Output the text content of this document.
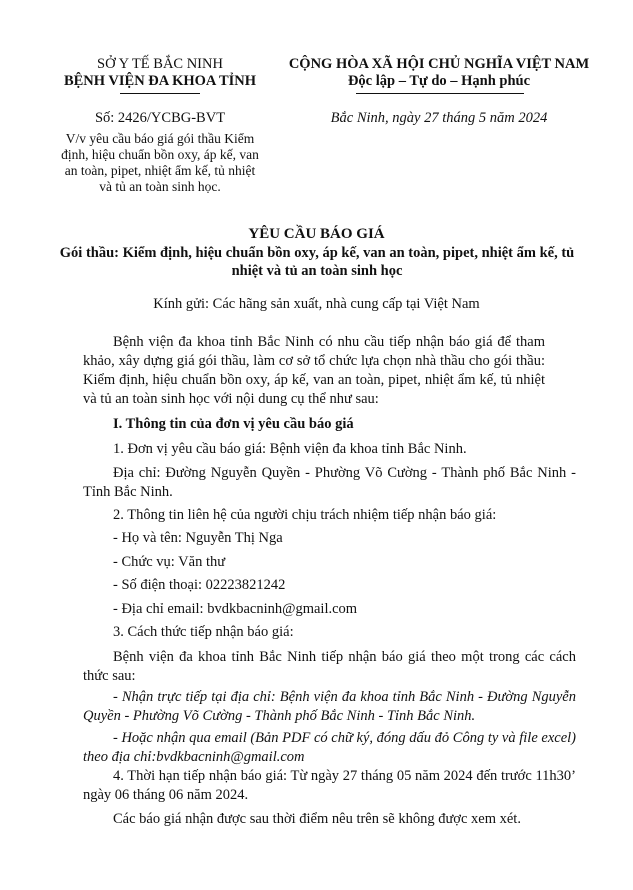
SỞ Y TẾ BẮC NINH

BỆNH VIỆN ĐA KHOA TỈNH

Số: 2426/YCBG-BVT

V/v yêu cầu báo giá gói thầu Kiểm định, hiệu chuẩn bồn oxy, áp kế, van an toàn, pipet, nhiệt ẩm kế, tủ nhiệt và tủ an toàn sinh học.

CỘNG HÒA XÃ HỘI CHỦ NGHĨA VIỆT NAM

Độc lập – Tự do – Hạnh phúc

Bắc Ninh, ngày 27 tháng 5 năm 2024

YÊU CẦU BÁO GIÁ

Gói thầu: Kiểm định, hiệu chuẩn bồn oxy, áp kế, van an toàn, pipet, nhiệt ẩm kế, tủ nhiệt và tủ an toàn sinh học

Kính gửi: Các hãng sản xuất, nhà cung cấp tại Việt Nam

Bệnh viện đa khoa tỉnh Bắc Ninh có nhu cầu tiếp nhận báo giá để tham khảo, xây dựng giá gói thầu, làm cơ sở tổ chức lựa chọn nhà thầu cho gói thầu: Kiểm định, hiệu chuẩn bồn oxy, áp kế, van an toàn, pipet, nhiệt ẩm kế, tủ nhiệt và tủ an toàn sinh học với nội dung cụ thể như sau:

I. Thông tin của đơn vị yêu cầu báo giá

1. Đơn vị yêu cầu báo giá: Bệnh viện đa khoa tỉnh Bắc Ninh.

Địa chỉ: Đường Nguyễn Quyền - Phường Võ Cường - Thành phố Bắc Ninh - Tỉnh Bắc Ninh.

2. Thông tin liên hệ của người chịu trách nhiệm tiếp nhận báo giá:

- Họ và tên: Nguyễn Thị Nga

- Chức vụ: Văn thư

- Số điện thoại: 02223821242

- Địa chỉ email: bvdkbacninh@gmail.com

3. Cách thức tiếp nhận báo giá:

Bệnh viện đa khoa tỉnh Bắc Ninh tiếp nhận báo giá theo một trong các cách thức sau:

- Nhận trực tiếp tại địa chỉ: Bệnh viện đa khoa tỉnh Bắc Ninh - Đường Nguyễn Quyền - Phường Võ Cường - Thành phố Bắc Ninh - Tỉnh Bắc Ninh.

- Hoặc nhận qua email (Bản PDF có chữ ký, đóng dấu đỏ Công ty và file excel) theo địa chỉ:bvdkbacninh@gmail.com

4. Thời hạn tiếp nhận báo giá: Từ ngày 27 tháng 05 năm 2024 đến trước 11h30’ ngày 06 tháng 06 năm 2024.

Các báo giá nhận được sau thời điểm nêu trên sẽ không được xem xét.
